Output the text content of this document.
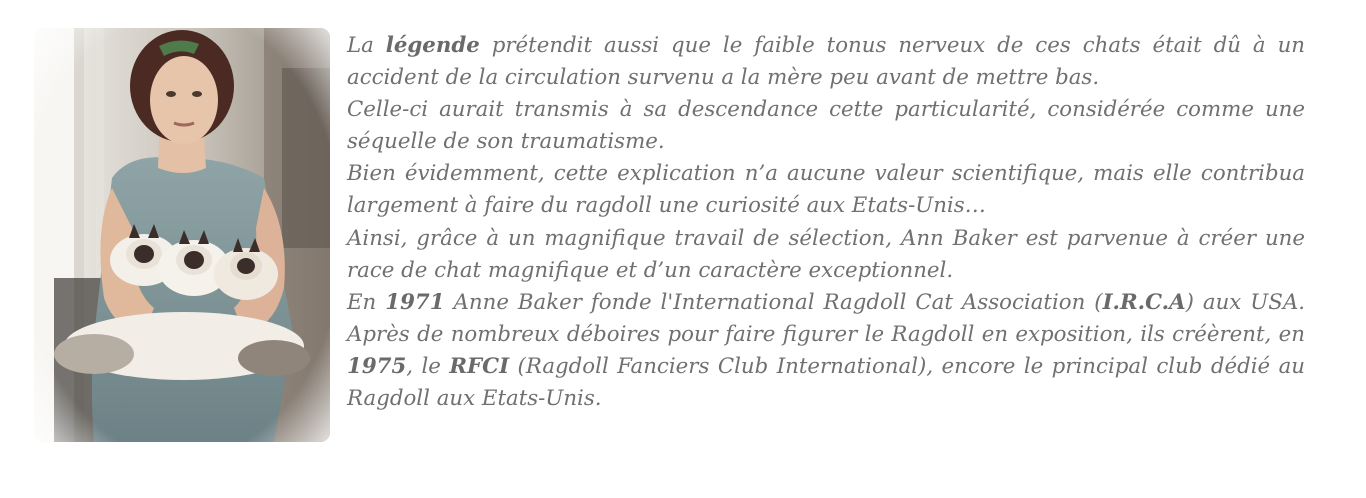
La légende prétendit aussi que le faible tonus nerveux de ces chats était dû à un accident de la circulation survenu a la mère peu avant de mettre bas.

Celle-ci aurait transmis à sa descendance cette particularité, considérée comme une séquelle de son traumatisme.

Bien évidemment, cette explication n’a aucune valeur scientifique, mais elle contribua largement à faire du ragdoll une curiosité aux Etats-Unis…

Ainsi, grâce à un magnifique travail de sélection, Ann Baker est parvenue à créer une race de chat magnifique et d’un caractère exceptionnel.

En 1971 Anne Baker fonde l'International Ragdoll Cat Association (I.R.C.A) aux USA. Après de nombreux déboires pour faire figurer le Ragdoll en exposition, ils créèrent, en 1975, le RFCI (Ragdoll Fanciers Club International), encore le principal club dédié au Ragdoll aux Etats-Unis.
